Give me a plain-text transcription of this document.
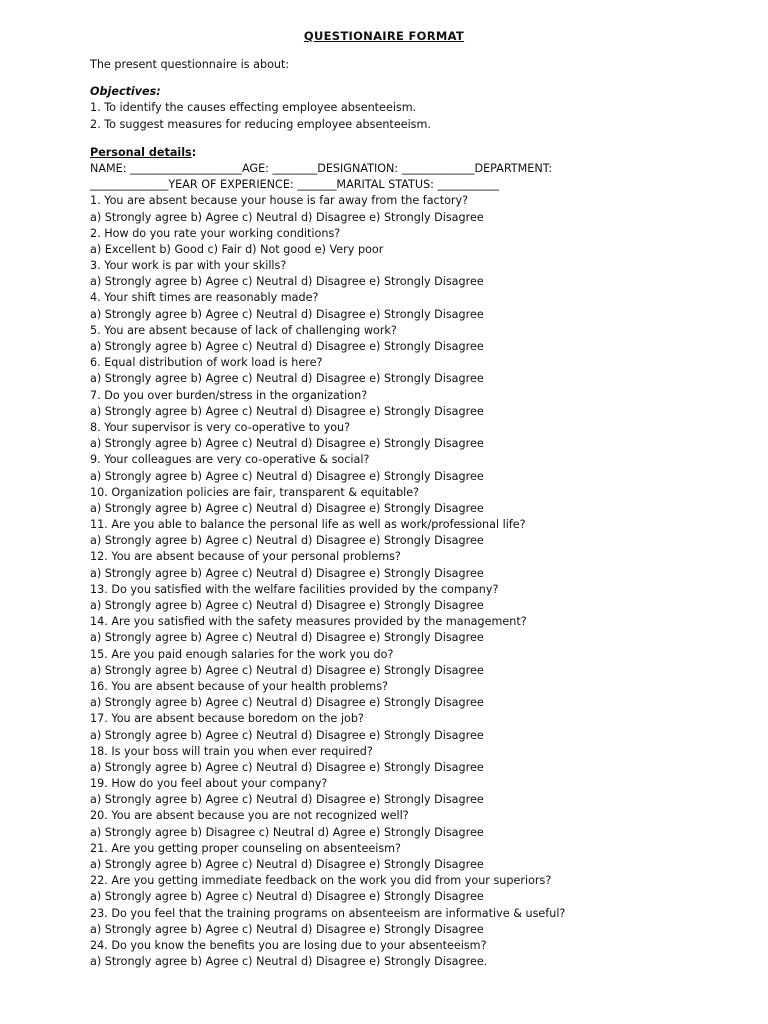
QUESTIONAIRE FORMAT
The present questionnaire is about:
Objectives:
1. To identify the causes effecting employee absenteeism.
2. To suggest measures for reducing employee absenteeism.
Personal details:
NAME: ____________________AGE: ________DESIGNATION: _____________DEPARTMENT:
______________YEAR OF EXPERIENCE: _______MARITAL STATUS: ___________
1. You are absent because your house is far away from the factory?
a) Strongly agree b) Agree c) Neutral d) Disagree e) Strongly Disagree
2. How do you rate your working conditions?
a) Excellent b) Good c) Fair d) Not good e) Very poor
3. Your work is par with your skills?
a) Strongly agree b) Agree c) Neutral d) Disagree e) Strongly Disagree
4. Your shift times are reasonably made?
a) Strongly agree b) Agree c) Neutral d) Disagree e) Strongly Disagree
5. You are absent because of lack of challenging work?
a) Strongly agree b) Agree c) Neutral d) Disagree e) Strongly Disagree
6. Equal distribution of work load is here?
a) Strongly agree b) Agree c) Neutral d) Disagree e) Strongly Disagree
7. Do you over burden/stress in the organization?
a) Strongly agree b) Agree c) Neutral d) Disagree e) Strongly Disagree
8. Your supervisor is very co-operative to you?
a) Strongly agree b) Agree c) Neutral d) Disagree e) Strongly Disagree
9. Your colleagues are very co-operative & social?
a) Strongly agree b) Agree c) Neutral d) Disagree e) Strongly Disagree
10. Organization policies are fair, transparent & equitable?
a) Strongly agree b) Agree c) Neutral d) Disagree e) Strongly Disagree
11. Are you able to balance the personal life as well as work/professional life?
a) Strongly agree b) Agree c) Neutral d) Disagree e) Strongly Disagree
12. You are absent because of your personal problems?
a) Strongly agree b) Agree c) Neutral d) Disagree e) Strongly Disagree
13. Do you satisfied with the welfare facilities provided by the company?
a) Strongly agree b) Agree c) Neutral d) Disagree e) Strongly Disagree
14. Are you satisfied with the safety measures provided by the management?
a) Strongly agree b) Agree c) Neutral d) Disagree e) Strongly Disagree
15. Are you paid enough salaries for the work you do?
a) Strongly agree b) Agree c) Neutral d) Disagree e) Strongly Disagree
16. You are absent because of your health problems?
a) Strongly agree b) Agree c) Neutral d) Disagree e) Strongly Disagree
17. You are absent because boredom on the job?
a) Strongly agree b) Agree c) Neutral d) Disagree e) Strongly Disagree
18. Is your boss will train you when ever required?
a) Strongly agree b) Agree c) Neutral d) Disagree e) Strongly Disagree
19. How do you feel about your company?
a) Strongly agree b) Agree c) Neutral d) Disagree e) Strongly Disagree
20. You are absent because you are not recognized well?
a) Strongly agree b) Disagree c) Neutral d) Agree e) Strongly Disagree
21. Are you getting proper counseling on absenteeism?
a) Strongly agree b) Agree c) Neutral d) Disagree e) Strongly Disagree
22. Are you getting immediate feedback on the work you did from your superiors?
a) Strongly agree b) Agree c) Neutral d) Disagree e) Strongly Disagree
23. Do you feel that the training programs on absenteeism are informative & useful?
a) Strongly agree b) Agree c) Neutral d) Disagree e) Strongly Disagree
24. Do you know the benefits you are losing due to your absenteeism?
a) Strongly agree b) Agree c) Neutral d) Disagree e) Strongly Disagree.
